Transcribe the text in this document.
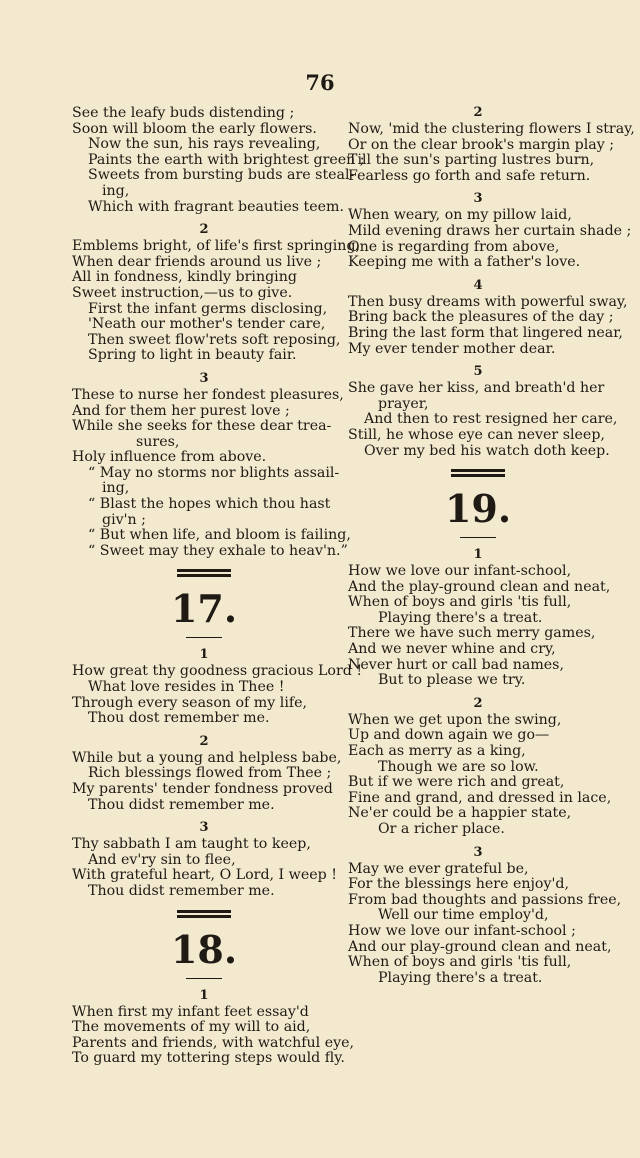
76
See the leafy buds distending ;
Soon will bloom the early flowers.
Now the sun, his rays revealing,
Paints the earth with brightest green ;
Sweets from bursting buds are steal-
ing,
Which with fragrant beauties teem.
2
Emblems bright, of life's first springing,
When dear friends around us live ;
All in fondness, kindly bringing
Sweet instruction,—us to give.
First the infant germs disclosing,
'Neath our mother's tender care,
Then sweet flow'rets soft reposing,
Spring to light in beauty fair.
3
These to nurse her fondest pleasures,
And for them her purest love ;
While she seeks for these dear trea-
sures,
Holy influence from above.
“ May no storms nor blights assail-
ing,
“ Blast the hopes which thou hast
giv'n ;
“ But when life, and bloom is failing,
“ Sweet may they exhale to heav'n.”
17.
1
How great thy goodness gracious Lord !
What love resides in Thee !
Through every season of my life,
Thou dost remember me.
2
While but a young and helpless babe,
Rich blessings flowed from Thee ;
My parents' tender fondness proved
Thou didst remember me.
3
Thy sabbath I am taught to keep,
And ev'ry sin to flee,
With grateful heart, O Lord, I weep !
Thou didst remember me.
18.
1
When first my infant feet essay'd
The movements of my will to aid,
Parents and friends, with watchful eye,
To guard my tottering steps would fly.
2
Now, 'mid the clustering flowers I stray,
Or on the clear brook's margin play ;
Till the sun's parting lustres burn,
Fearless go forth and safe return.
3
When weary, on my pillow laid,
Mild evening draws her curtain shade ;
One is regarding from above,
Keeping me with a father's love.
4
Then busy dreams with powerful sway,
Bring back the pleasures of the day ;
Bring the last form that lingered near,
My ever tender mother dear.
5
She gave her kiss, and breath'd her
prayer,
And then to rest resigned her care,
Still, he whose eye can never sleep,
Over my bed his watch doth keep.
19.
1
How we love our infant-school,
And the play-ground clean and neat,
When of boys and girls 'tis full,
Playing there's a treat.
There we have such merry games,
And we never whine and cry,
Never hurt or call bad names,
But to please we try.
2
When we get upon the swing,
Up and down again we go—
Each as merry as a king,
Though we are so low.
But if we were rich and great,
Fine and grand, and dressed in lace,
Ne'er could be a happier state,
Or a richer place.
3
May we ever grateful be,
For the blessings here enjoy'd,
From bad thoughts and passions free,
Well our time employ'd,
How we love our infant-school ;
And our play-ground clean and neat,
When of boys and girls 'tis full,
Playing there's a treat.
